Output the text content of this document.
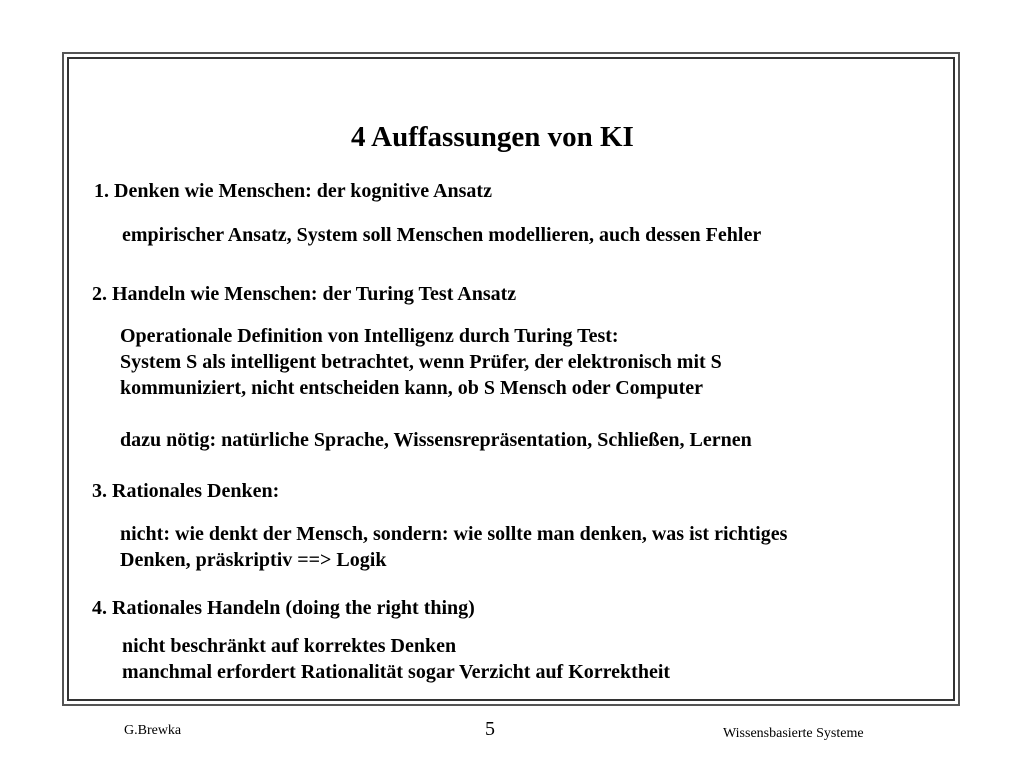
4 Auffassungen von KI
1. Denken wie Menschen: der kognitive Ansatz
empirischer Ansatz, System soll Menschen modellieren, auch dessen Fehler
2. Handeln wie Menschen: der Turing Test Ansatz
Operationale Definition von Intelligenz durch Turing Test:
System S als intelligent betrachtet, wenn Prüfer, der elektronisch mit S
kommuniziert, nicht entscheiden kann, ob S Mensch oder Computer
dazu nötig: natürliche Sprache, Wissensrepräsentation, Schließen, Lernen
3. Rationales Denken:
nicht: wie denkt der Mensch, sondern: wie sollte man denken, was ist richtiges
Denken, präskriptiv ==> Logik
4. Rationales Handeln (doing the right thing)
nicht beschränkt auf korrektes Denken
manchmal erfordert Rationalität sogar Verzicht auf Korrektheit
G.Brewka	5	Wissensbasierte Systeme
